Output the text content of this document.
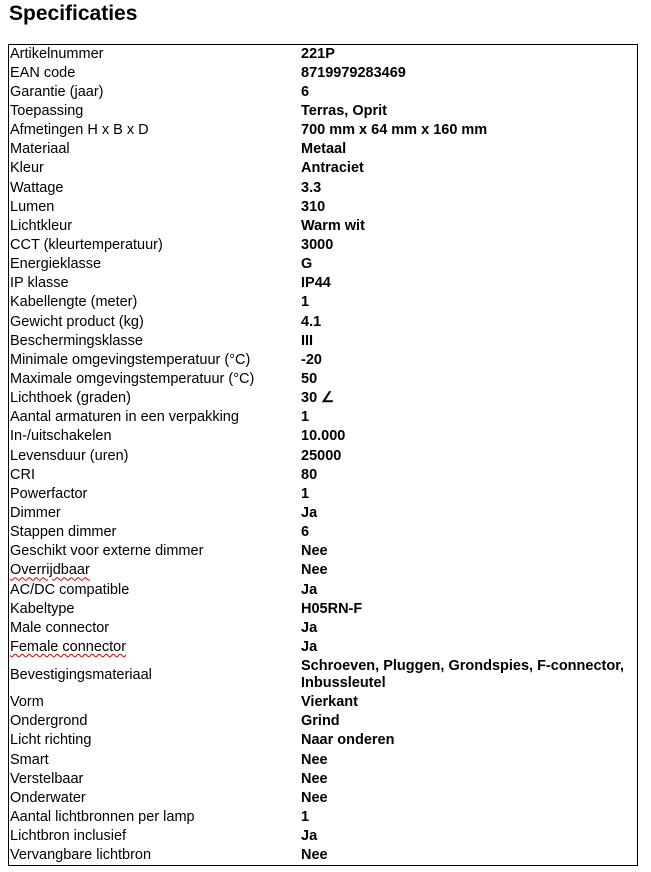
Specificaties
Artikelnummer	221P
EAN code	8719979283469
Garantie (jaar)	6
Toepassing	Terras, Oprit
Afmetingen H x B x D	700 mm x 64 mm x 160 mm
Materiaal	Metaal
Kleur	Antraciet
Wattage	3.3
Lumen	310
Lichtkleur	Warm wit
CCT (kleurtemperatuur)	3000
Energieklasse	G
IP klasse	IP44
Kabellengte (meter)	1
Gewicht product (kg)	4.1
Beschermingsklasse	III
Minimale omgevingstemperatuur (°C)	-20
Maximale omgevingstemperatuur (°C)	50
Lichthoek (graden)	30 ∠
Aantal armaturen in een verpakking	1
In-/uitschakelen	10.000
Levensduur (uren)	25000
CRI	80
Powerfactor	1
Dimmer	Ja
Stappen dimmer	6
Geschikt voor externe dimmer	Nee
Overrijdbaar	Nee
AC/DC compatible	Ja
Kabeltype	H05RN-F
Male connector	Ja
Female connector	Ja
Bevestigingsmateriaal	Schroeven, Pluggen, Grondspies, F-connector, Inbussleutel
Vorm	Vierkant
Ondergrond	Grind
Licht richting	Naar onderen
Smart	Nee
Verstelbaar	Nee
Onderwater	Nee
Aantal lichtbronnen per lamp	1
Lichtbron inclusief	Ja
Vervangbare lichtbron	Nee
